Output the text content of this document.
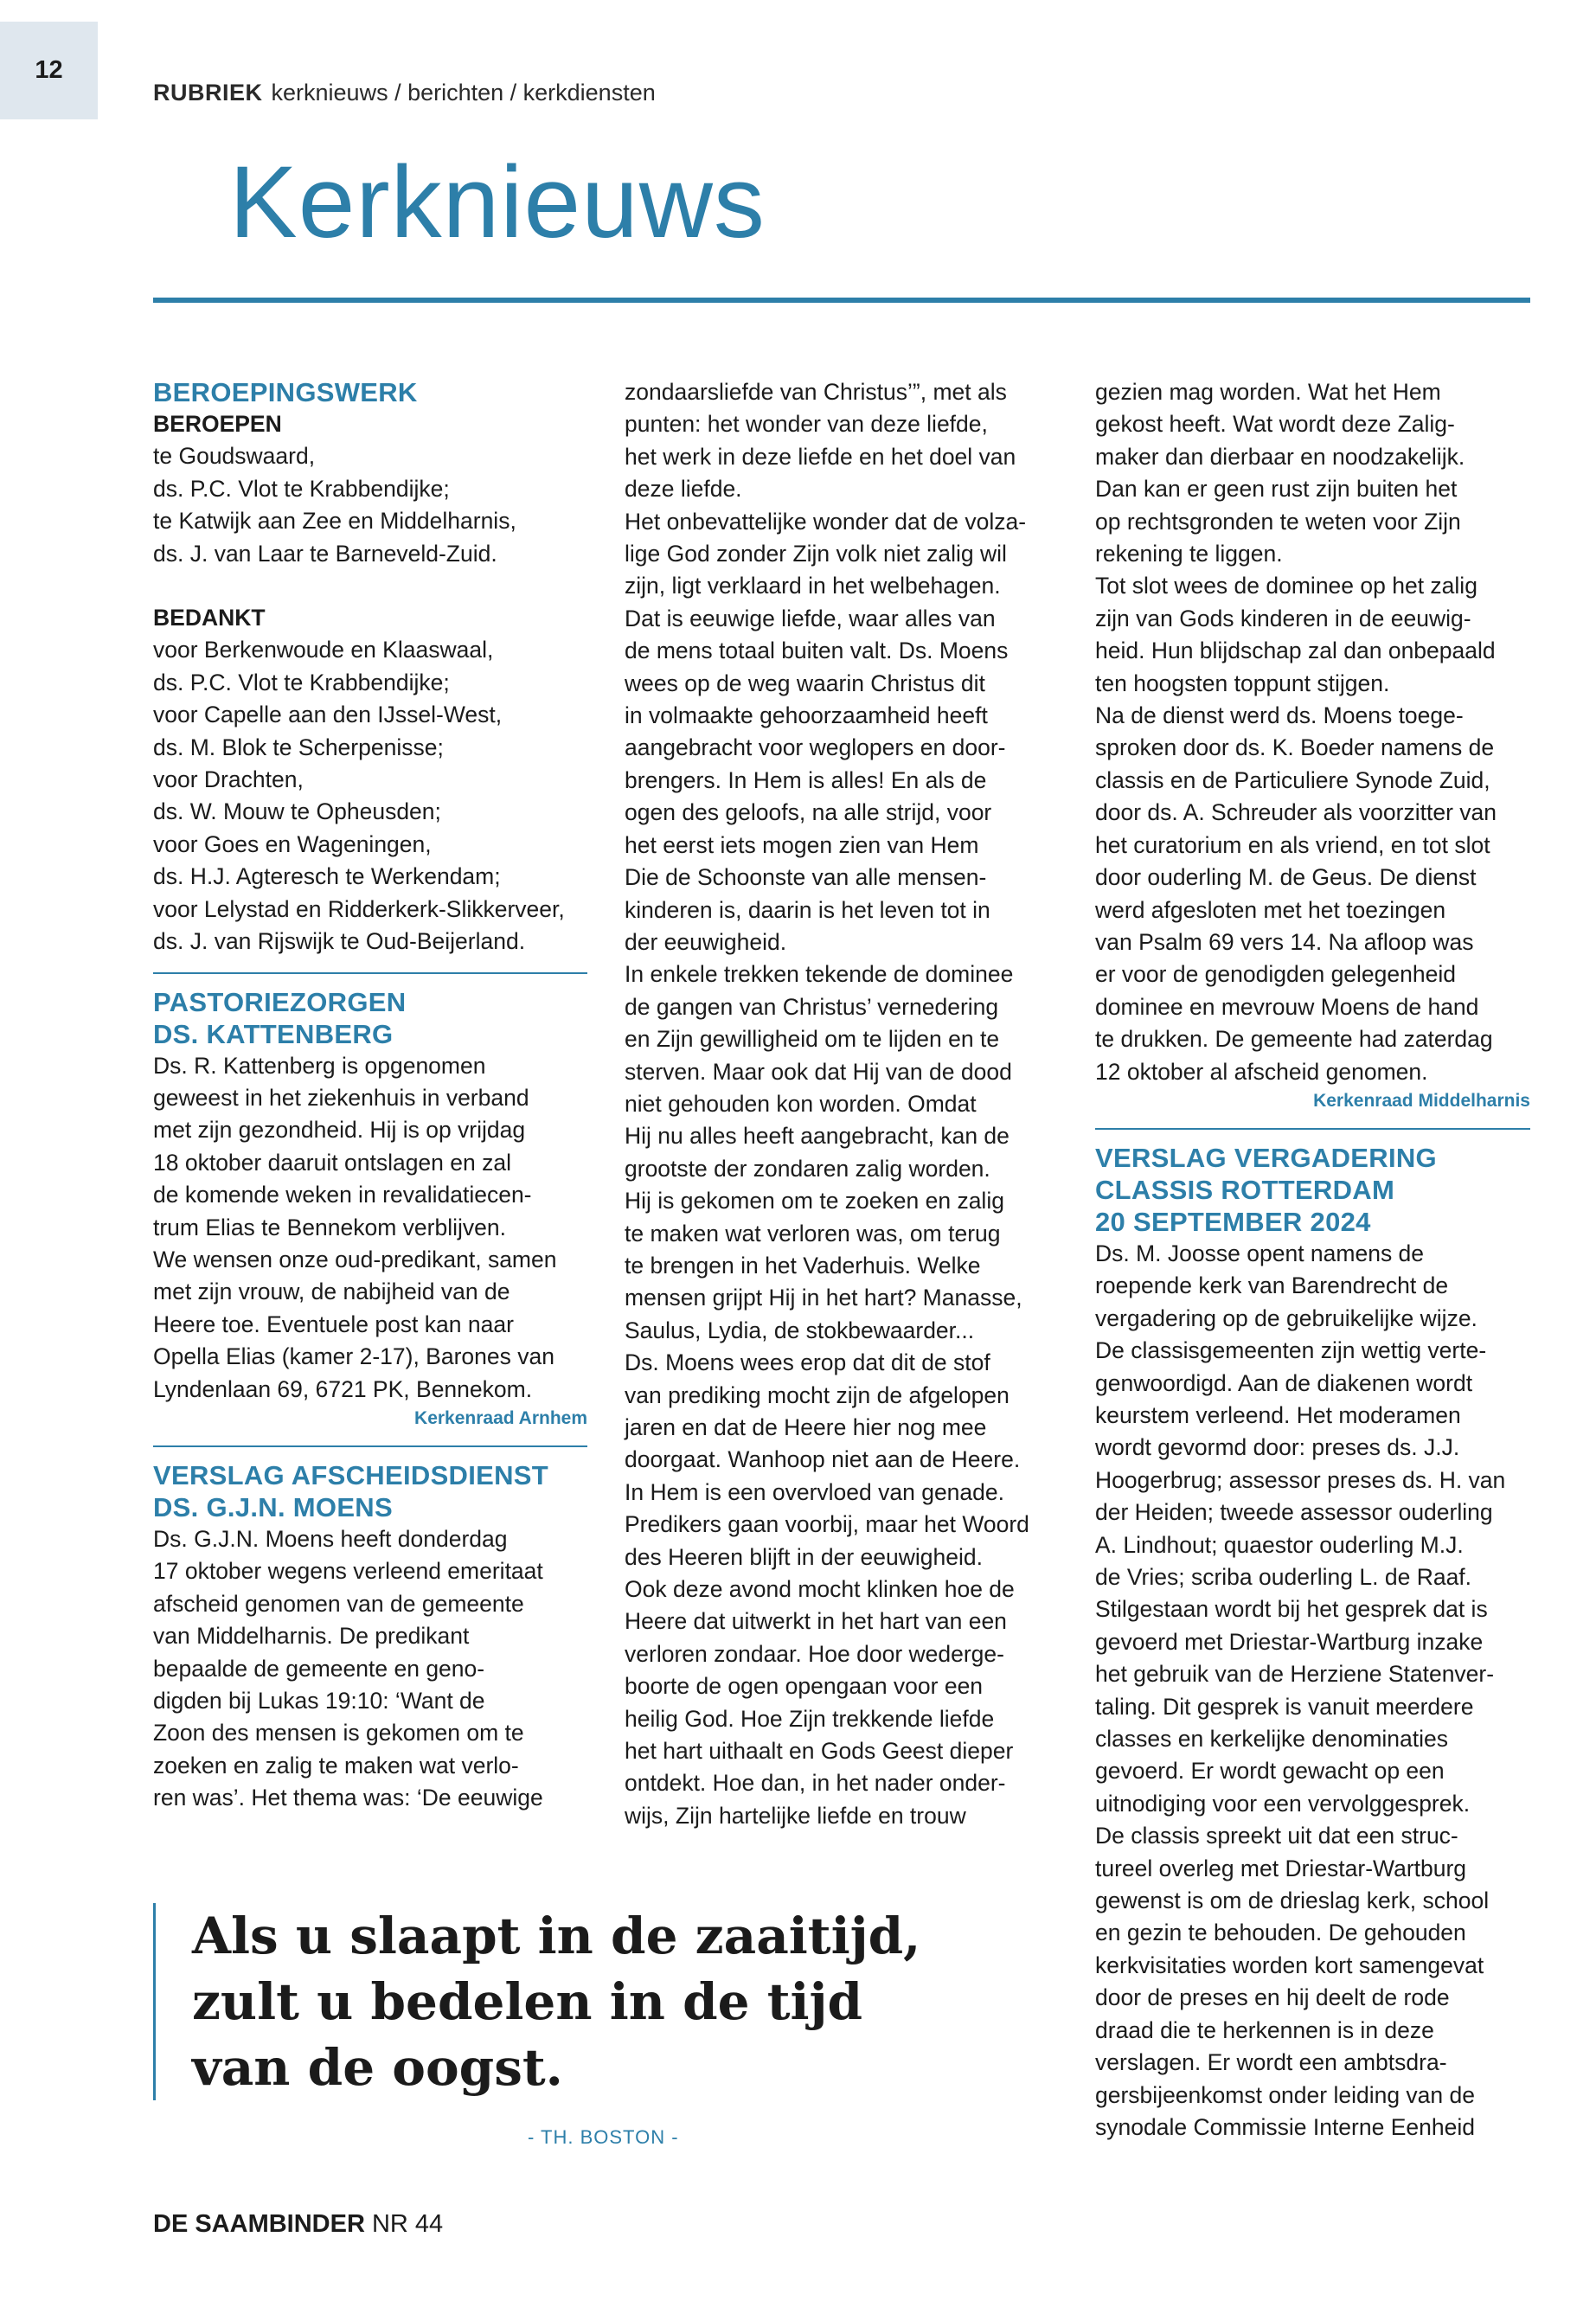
12
RUBRIEK kerknieuws / berichten / kerkdiensten
Kerknieuws

BEROEPINGSWERK

BEROEPEN

te Goudswaard,

ds. P.C. Vlot te Krabbendijke;

te Katwijk aan Zee en Middelharnis,

ds. J. van Laar te Barneveld-Zuid.

BEDANKT

voor Berkenwoude en Klaaswaal,

ds. P.C. Vlot te Krabbendijke;

voor Capelle aan den IJssel-West,

ds. M. Blok te Scherpenisse;

voor Drachten,

ds. W. Mouw te Opheusden;

voor Goes en Wageningen,

ds. H.J. Agteresch te Werkendam;

voor Lelystad en Ridderkerk-Slikkerveer,

ds. J. van Rijswijk te Oud-Beijerland.

PASTORIEZORGEN

DS. KATTENBERG

Ds. R. Kattenberg is opgenomen

geweest in het ziekenhuis in verband

met zijn gezondheid. Hij is op vrijdag

18 oktober daaruit ontslagen en zal

de komende weken in revalidatiecen-

trum Elias te Bennekom verblijven.

We wensen onze oud-predikant, samen

met zijn vrouw, de nabijheid van de

Heere toe. Eventuele post kan naar

Opella Elias (kamer 2-17), Barones van

Lyndenlaan 69, 6721 PK, Bennekom.

Kerkenraad Arnhem

VERSLAG AFSCHEIDSDIENST

DS. G.J.N. MOENS

Ds. G.J.N. Moens heeft donderdag

17 oktober wegens verleend emeritaat

afscheid genomen van de gemeente

van Middelharnis. De predikant

bepaalde de gemeente en geno-

digden bij Lukas 19:10: ‘Want de

Zoon des mensen is gekomen om te

zoeken en zalig te maken wat verlo-

ren was’. Het thema was: ‘De eeuwige

zondaarsliefde van Christus’”, met als

punten: het wonder van deze liefde,

het werk in deze liefde en het doel van

deze liefde.

Het onbevattelijke wonder dat de volza-

lige God zonder Zijn volk niet zalig wil

zijn, ligt verklaard in het welbehagen.

Dat is eeuwige liefde, waar alles van

de mens totaal buiten valt. Ds. Moens

wees op de weg waarin Christus dit

in volmaakte gehoorzaamheid heeft

aangebracht voor weglopers en door-

brengers. In Hem is alles! En als de

ogen des geloofs, na alle strijd, voor

het eerst iets mogen zien van Hem

Die de Schoonste van alle mensen-

kinderen is, daarin is het leven tot in

der eeuwigheid.

In enkele trekken tekende de dominee

de gangen van Christus’ vernedering

en Zijn gewilligheid om te lijden en te

sterven. Maar ook dat Hij van de dood

niet gehouden kon worden. Omdat

Hij nu alles heeft aangebracht, kan de

grootste der zondaren zalig worden.

Hij is gekomen om te zoeken en zalig

te maken wat verloren was, om terug

te brengen in het Vaderhuis. Welke

mensen grijpt Hij in het hart? Manasse,

Saulus, Lydia, de stokbewaarder...

Ds. Moens wees erop dat dit de stof

van prediking mocht zijn de afgelopen

jaren en dat de Heere hier nog mee

doorgaat. Wanhoop niet aan de Heere.

In Hem is een overvloed van genade.

Predikers gaan voorbij, maar het Woord

des Heeren blijft in der eeuwigheid.

Ook deze avond mocht klinken hoe de

Heere dat uitwerkt in het hart van een

verloren zondaar. Hoe door wederge-

boorte de ogen opengaan voor een

heilig God. Hoe Zijn trekkende liefde

het hart uithaalt en Gods Geest dieper

ontdekt. Hoe dan, in het nader onder-

wijs, Zijn hartelijke liefde en trouw

gezien mag worden. Wat het Hem

gekost heeft. Wat wordt deze Zalig-

maker dan dierbaar en noodzakelijk.

Dan kan er geen rust zijn buiten het

op rechtsgronden te weten voor Zijn

rekening te liggen.

Tot slot wees de dominee op het zalig

zijn van Gods kinderen in de eeuwig-

heid. Hun blijdschap zal dan onbepaald

ten hoogsten toppunt stijgen.

Na de dienst werd ds. Moens toege-

sproken door ds. K. Boeder namens de

classis en de Particuliere Synode Zuid,

door ds. A. Schreuder als voorzitter van

het curatorium en als vriend, en tot slot

door ouderling M. de Geus. De dienst

werd afgesloten met het toezingen

van Psalm 69 vers 14. Na afloop was

er voor de genodigden gelegenheid

dominee en mevrouw Moens de hand

te drukken. De gemeente had zaterdag

12 oktober al afscheid genomen.

Kerkenraad Middelharnis

VERSLAG VERGADERING

CLASSIS ROTTERDAM

20 SEPTEMBER 2024

Ds. M. Joosse opent namens de

roepende kerk van Barendrecht de

vergadering op de gebruikelijke wijze.

De classisgemeenten zijn wettig verte-

genwoordigd. Aan de diakenen wordt

keurstem verleend. Het moderamen

wordt gevormd door: preses ds. J.J.

Hoogerbrug; assessor preses ds. H. van

der Heiden; tweede assessor ouderling

A. Lindhout; quaestor ouderling M.J.

de Vries; scriba ouderling L. de Raaf.

Stilgestaan wordt bij het gesprek dat is

gevoerd met Driestar-Wartburg inzake

het gebruik van de Herziene Statenver-

taling. Dit gesprek is vanuit meerdere

classes en kerkelijke denominaties

gevoerd. Er wordt gewacht op een

uitnodiging voor een vervolggesprek.

De classis spreekt uit dat een struc-

tureel overleg met Driestar-Wartburg

gewenst is om de drieslag kerk, school

en gezin te behouden. De gehouden

kerkvisitaties worden kort samengevat

door de preses en hij deelt de rode

draad die te herkennen is in deze

verslagen. Er wordt een ambtsdra-

gersbijeenkomst onder leiding van de

synodale Commissie Interne Eenheid

Als u slaapt in de zaaitijd,

zult u bedelen in de tijd

van de oogst.

- TH. BOSTON -
DE SAAMBINDER NR 44
